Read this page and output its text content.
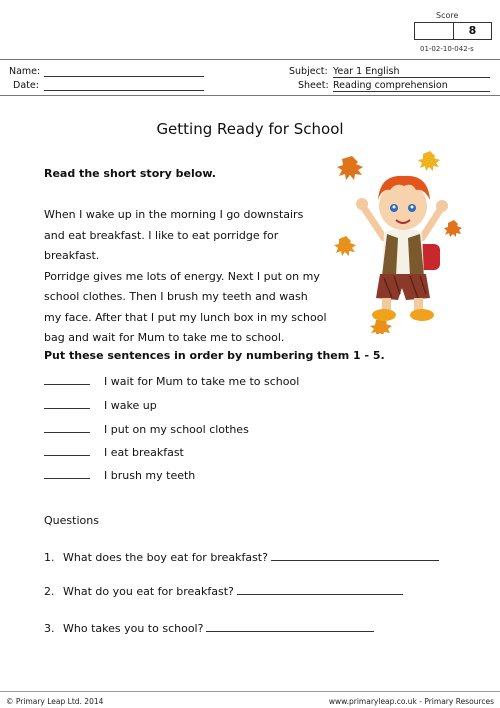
Score
8
01-02-10-042-s
Name:
Date:
Subject: Year 1 English
Sheet: Reading comprehension
Getting Ready for School
Read the short story below.
When I wake up in the morning I go downstairs
and eat breakfast. I like to eat porridge for breakfast.
Porridge gives me lots of energy. Next I put on my
school clothes. Then I brush my teeth and wash
my face. After that I put my lunch box in my school
bag and wait for Mum to take me to school.
Put these sentences in order by numbering them 1 - 5.
I wait for Mum to take me to school
I wake up
I put on my school clothes
I eat breakfast
I brush my teeth
Questions
1. What does the boy eat for breakfast?
2. What do you eat for breakfast?
3. Who takes you to school?
© Primary Leap Ltd. 2014	www.primaryleap.co.uk - Primary Resources
